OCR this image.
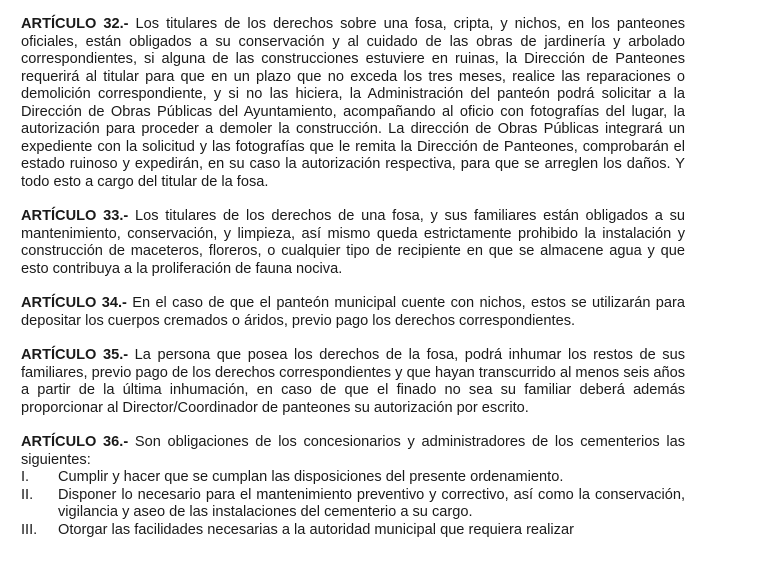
ARTÍCULO 32.- Los titulares de los derechos sobre una fosa, cripta, y nichos, en los panteones oficiales, están obligados a su conservación y al cuidado de las obras de jardinería y arbolado correspondientes, si alguna de las construcciones estuviere en ruinas, la Dirección de Panteones requerirá al titular para que en un plazo que no exceda los tres meses, realice las reparaciones o demolición correspondiente, y si no las hiciera, la Administración del panteón podrá solicitar a la Dirección de Obras Públicas del Ayuntamiento, acompañando al oficio con fotografías del lugar, la autorización para proceder a demoler la construcción. La dirección de Obras Públicas integrará un expediente con la solicitud y las fotografías que le remita la Dirección de Panteones, comprobarán el estado ruinoso y expedirán, en su caso la autorización respectiva, para que se arreglen los daños. Y todo esto a cargo del titular de la fosa.

ARTÍCULO 33.- Los titulares de los derechos de una fosa, y sus familiares están obligados a su mantenimiento, conservación, y limpieza, así mismo queda estrictamente prohibido la instalación y construcción de maceteros, floreros, o cualquier tipo de recipiente en que se almacene agua y que esto contribuya a la proliferación de fauna nociva.

ARTÍCULO 34.- En el caso de que el panteón municipal cuente con nichos, estos se utilizarán para depositar los cuerpos cremados o áridos, previo pago los derechos correspondientes.

ARTÍCULO 35.- La persona que posea los derechos de la fosa, podrá inhumar los restos de sus familiares, previo pago de los derechos correspondientes y que hayan transcurrido al menos seis años a partir de la última inhumación, en caso de que el finado no sea su familiar deberá además proporcionar al Director/Coordinador de panteones su autorización por escrito.

ARTÍCULO 36.- Son obligaciones de los concesionarios y administradores de los cementerios las siguientes:

I.	Cumplir y hacer que se cumplan las disposiciones del presente ordenamiento.
II.	Disponer lo necesario para el mantenimiento preventivo y correctivo, así como la conservación, vigilancia y aseo de las instalaciones del cementerio a su cargo.
III.	Otorgar las facilidades necesarias a la autoridad municipal que requiera realizar
